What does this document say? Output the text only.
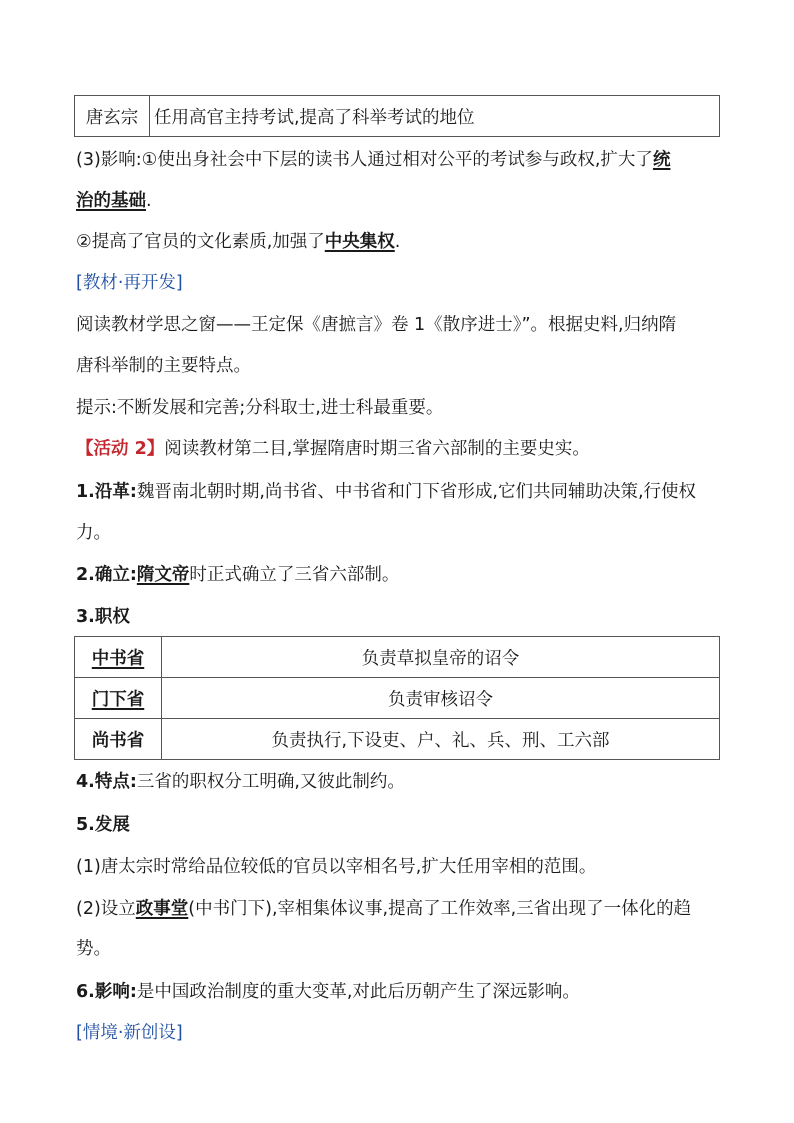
唐玄宗	任用高官主持考试,提高了科举考试的地位
(3)影响:①使出身社会中下层的读书人通过相对公平的考试参与政权,扩大了统
治的基础.
②提高了官员的文化素质,加强了中央集权.
[教材·再开发]
阅读教材学思之窗——王定保《唐摭言》卷 1《散序进士》”。根据史料,归纳隋
唐科举制的主要特点。
提示:不断发展和完善;分科取士,进士科最重要。
【活动 2】阅读教材第二目,掌握隋唐时期三省六部制的主要史实。
1.沿革:魏晋南北朝时期,尚书省、中书省和门下省形成,它们共同辅助决策,行使权
力。
2.确立:隋文帝时正式确立了三省六部制。
3.职权
中书省	负责草拟皇帝的诏令
门下省	负责审核诏令
尚书省	负责执行,下设吏、户、礼、兵、刑、工六部
4.特点:三省的职权分工明确,又彼此制约。
5.发展
(1)唐太宗时常给品位较低的官员以宰相名号,扩大任用宰相的范围。
(2)设立政事堂(中书门下),宰相集体议事,提高了工作效率,三省出现了一体化的趋
势。
6.影响:是中国政治制度的重大变革,对此后历朝产生了深远影响。
[情境·新创设]
